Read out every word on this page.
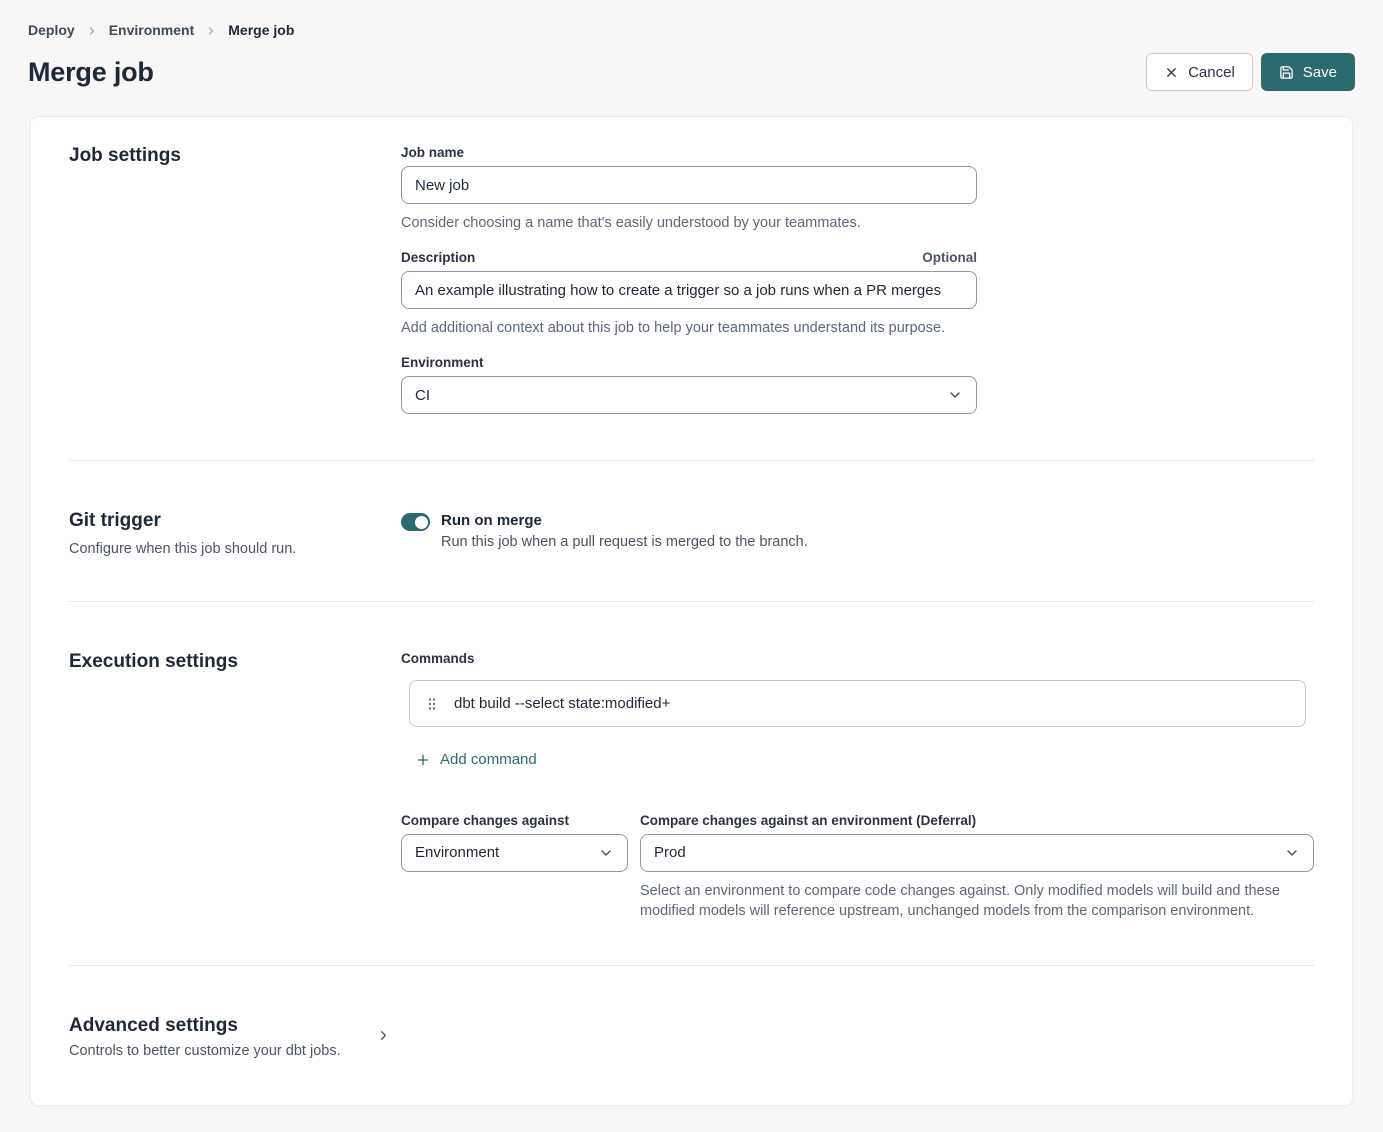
Deploy Environment Merge job
Merge job	Cancel	Save
Job settings	Job name
New job
Consider choosing a name that's easily understood by your teammates.
Description	Optional
An example illustrating how to create a trigger so a job runs when a PR merges
Add additional context about this job to help your teammates understand its purpose.
Environment
CI
Git trigger
Configure when this job should run.
Run on merge
Run this job when a pull request is merged to the branch.
Execution settings	Commands
dbt build --select state:modified+
Add command
Compare changes against
Environment
Compare changes against an environment (Deferral)
Prod
Select an environment to compare code changes against. Only modified models will build and these modified models will reference upstream, unchanged models from the comparison environment.
Advanced settings
Controls to better customize your dbt jobs.
